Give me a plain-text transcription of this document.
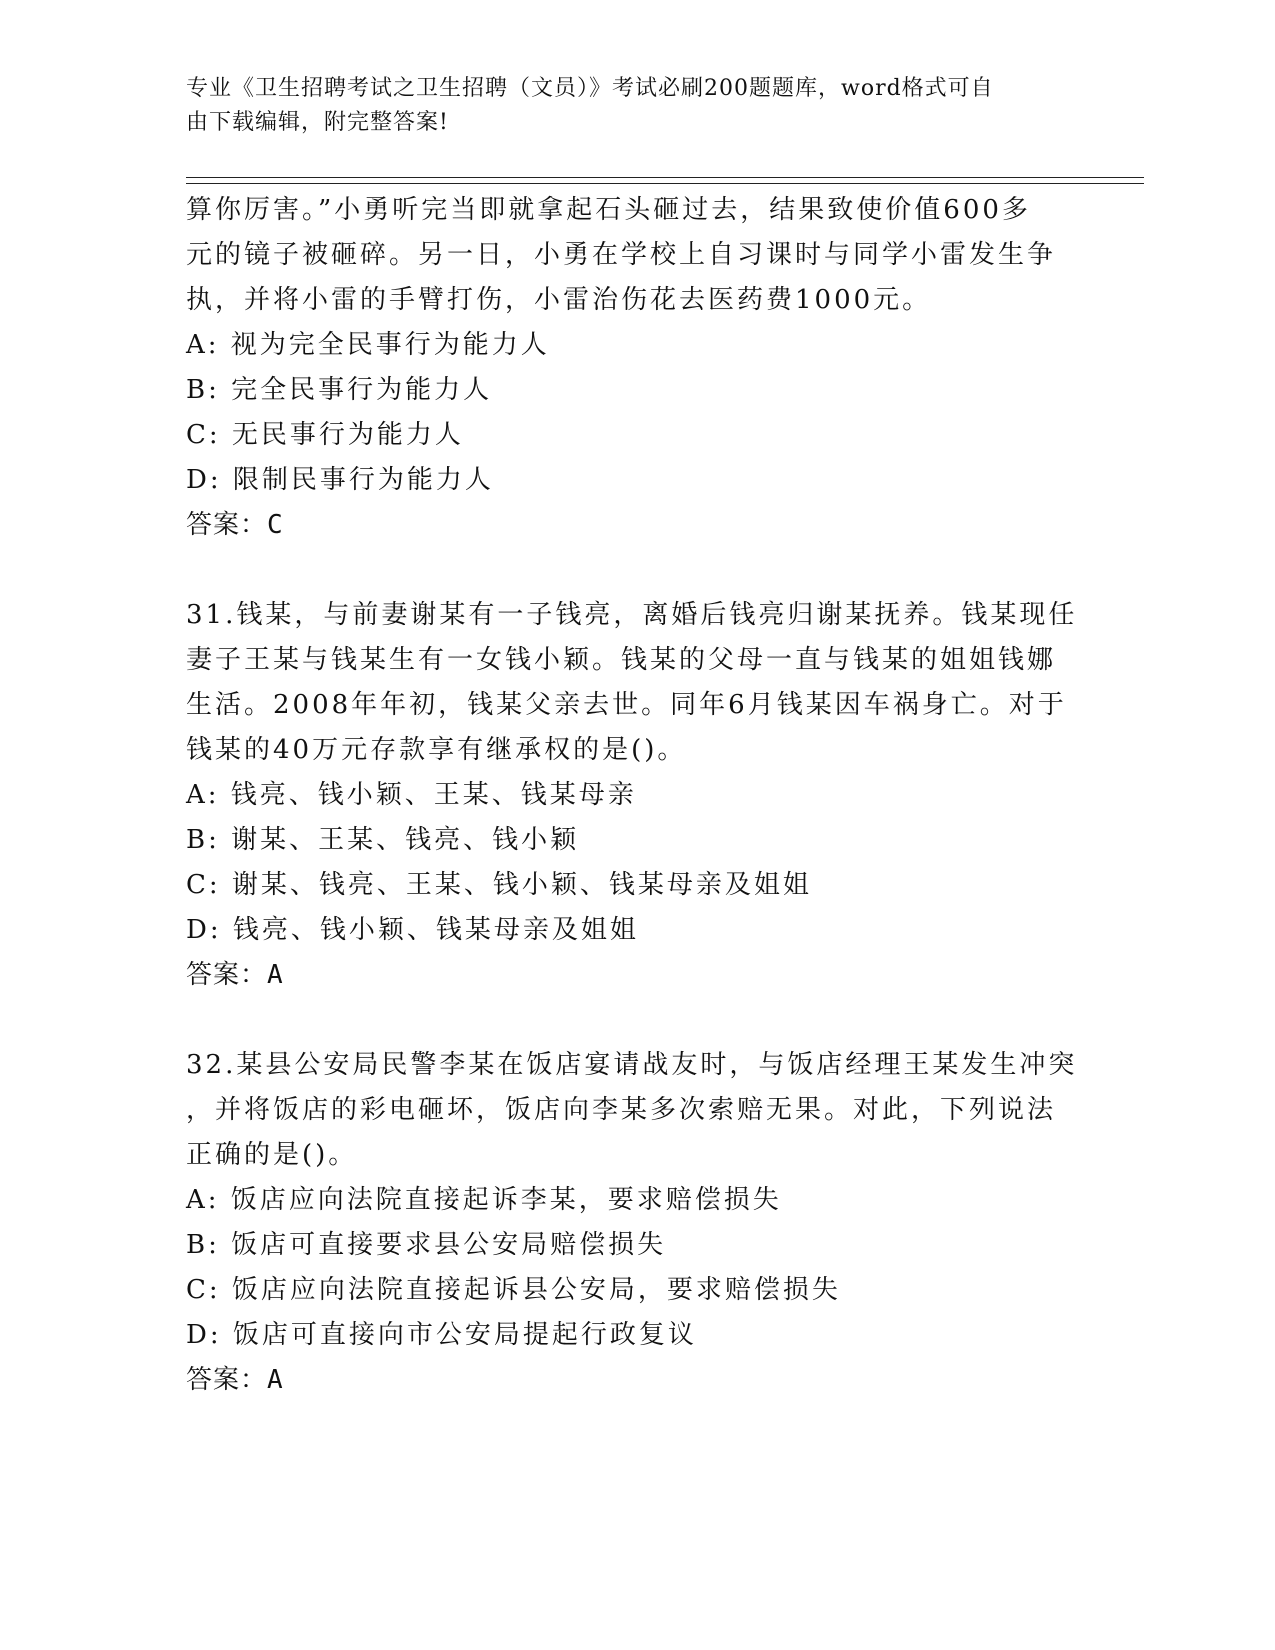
专业《卫生招聘考试之卫生招聘（文员）》考试必刷200题题库，word格式可自
由下载编辑，附完整答案!

算你厉害。”小勇听完当即就拿起石头砸过去，结果致使价值600多

元的镜子被砸碎。另一日，小勇在学校上自习课时与同学小雷发生争

执，并将小雷的手臂打伤，小雷治伤花去医药费1000元。

A: 视为完全民事行为能力人

B: 完全民事行为能力人

C: 无民事行为能力人

D: 限制民事行为能力人

答案：C

31.钱某，与前妻谢某有一子钱亮，离婚后钱亮归谢某抚养。钱某现任

妻子王某与钱某生有一女钱小颖。钱某的父母一直与钱某的姐姐钱娜

生活。2008年年初，钱某父亲去世。同年6月钱某因车祸身亡。对于

钱某的40万元存款享有继承权的是()。

A: 钱亮、钱小颖、王某、钱某母亲

B: 谢某、王某、钱亮、钱小颖

C: 谢某、钱亮、王某、钱小颖、钱某母亲及姐姐

D: 钱亮、钱小颖、钱某母亲及姐姐

答案：A

32.某县公安局民警李某在饭店宴请战友时，与饭店经理王某发生冲突

，并将饭店的彩电砸坏，饭店向李某多次索赔无果。对此，下列说法

正确的是()。

A: 饭店应向法院直接起诉李某，要求赔偿损失

B: 饭店可直接要求县公安局赔偿损失

C: 饭店应向法院直接起诉县公安局，要求赔偿损失

D: 饭店可直接向市公安局提起行政复议

答案：A
